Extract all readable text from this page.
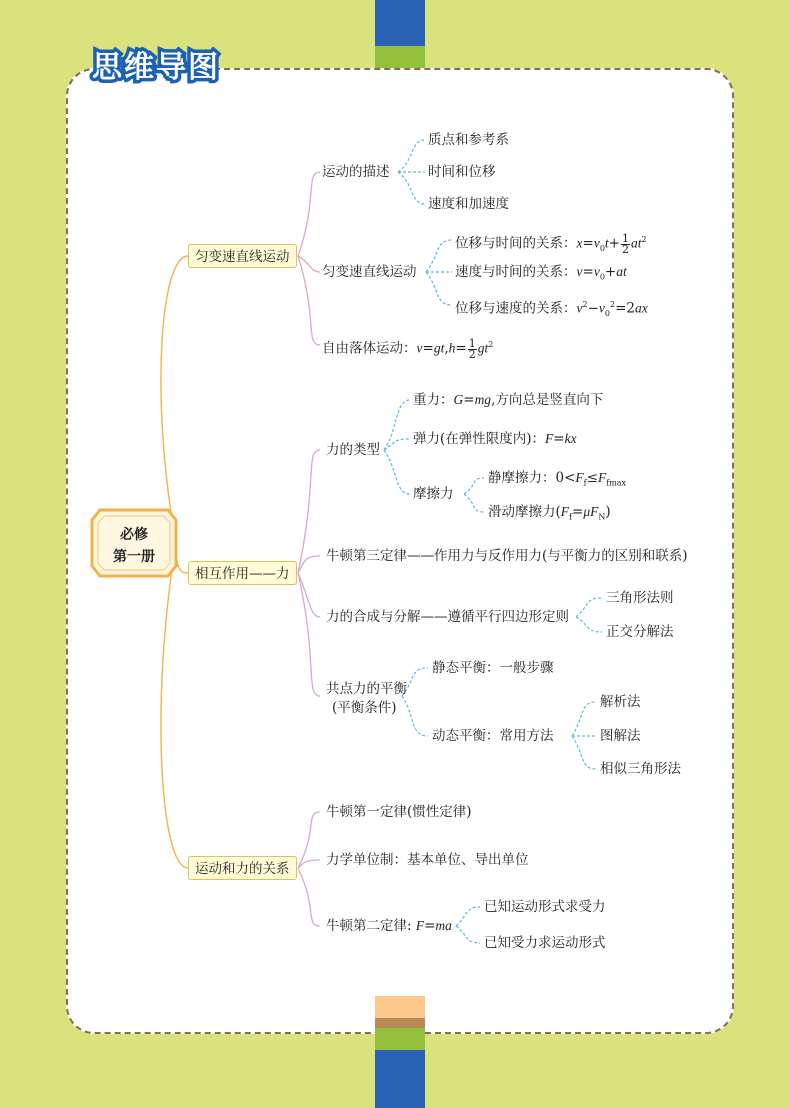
思维导图
必修
第一册
匀变速直线运动
相互作用——力
运动和力的关系
运动的描述
质点和参考系
时间和位移
速度和加速度
匀变速直线运动
位移与时间的关系：$x=v_0t+ \frac{1}{2} at^2$
速度与时间的关系：$v=v_0+at$
位移与速度的关系：$v^2-v_0^2=2ax$
自由落体运动：$v=gt,h= \frac{1}{2} gt^2$
力的类型
重力：G=mg,方向总是竖直向下
弹力(在弹性限度内)：F=kx
摩擦力
静摩擦力：$0<F_f\le F_{fmax}$
滑动摩擦力$(F_f=\mu F_N)$
牛顿第三定律——作用力与反作用力(与平衡力的区别和联系)
力的合成与分解——遵循平行四边形定则
三角形法则
正交分解法
共点力的平衡
(平衡条件)
静态平衡：一般步骤
动态平衡：常用方法
解析法
图解法
相似三角形法
牛顿第一定律(惯性定律)
力学单位制：基本单位、导出单位
牛顿第二定律: F=ma
已知运动形式求受力
已知受力求运动形式
